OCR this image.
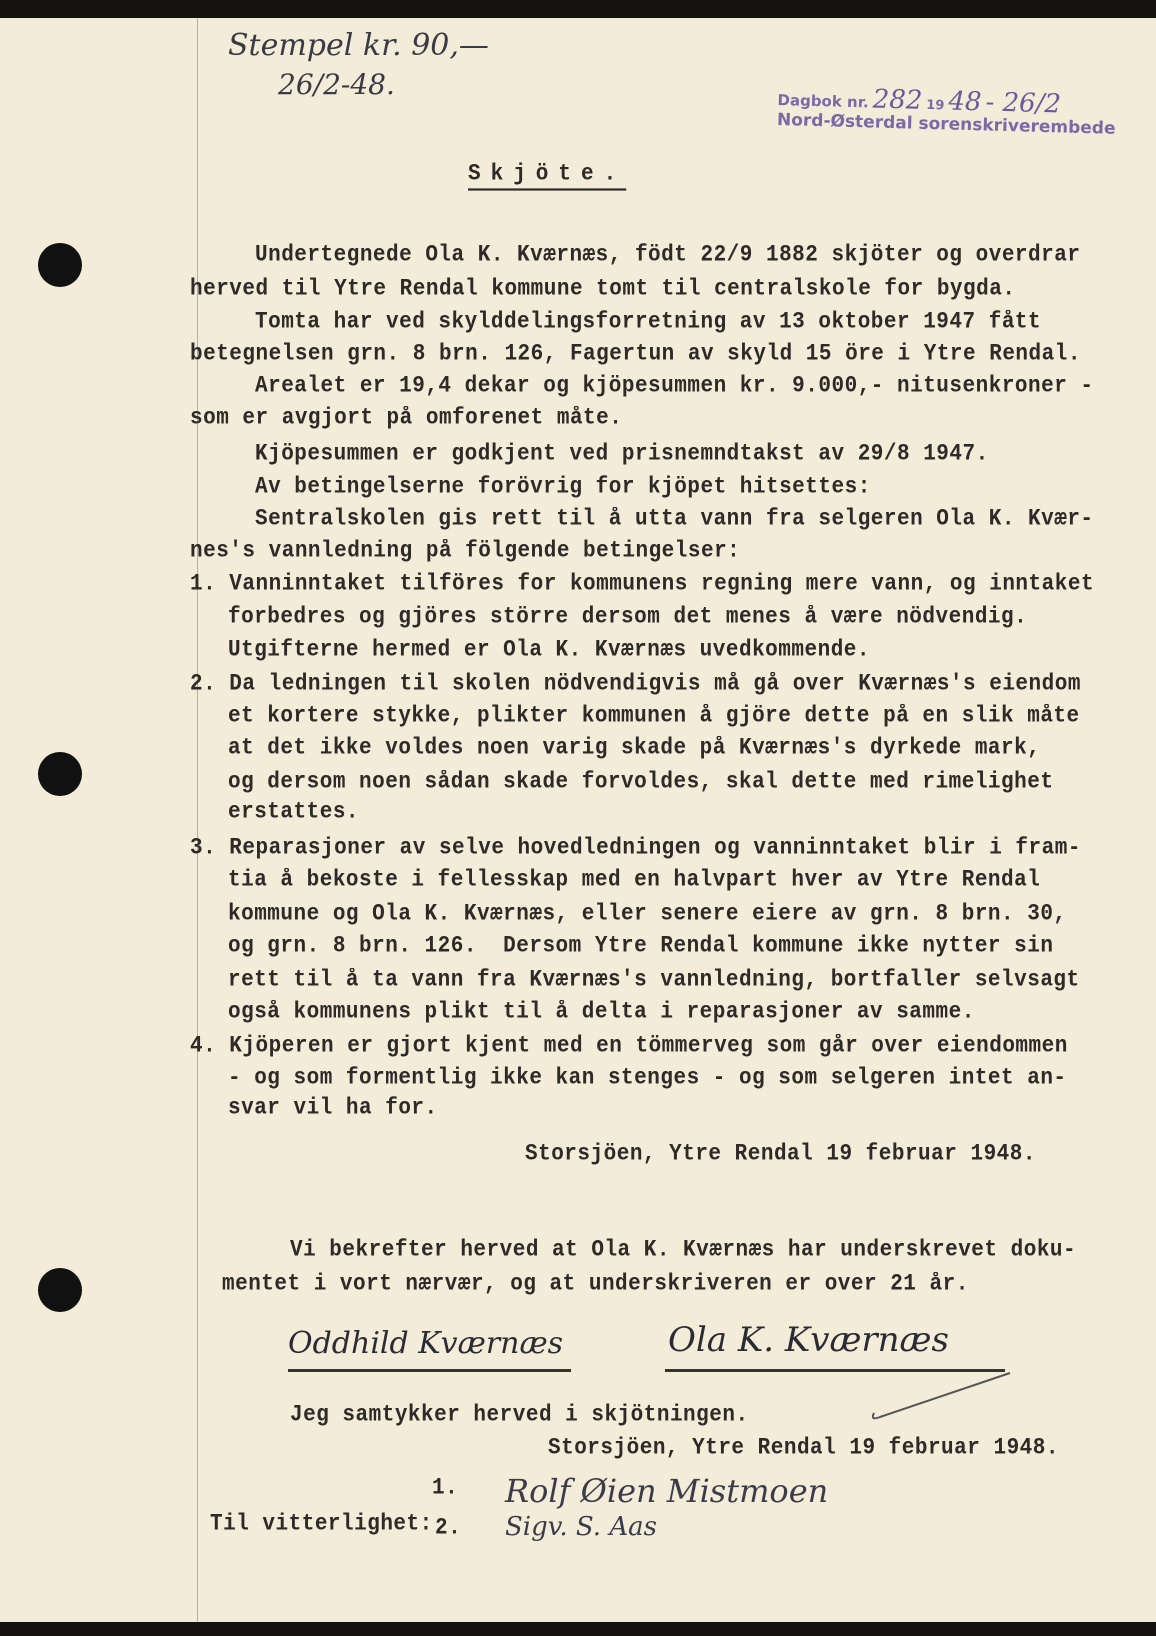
Stempel kr. 90,—
26/2-48.
Dagbok nr. 282 19 48 - 26/2
Nord-Østerdal sorenskriverembede
Skjöte.
Undertegnede Ola K. Kværnæs, födt 22/9 1882 skjöter og overdrar
herved til Ytre Rendal kommune tomt til centralskole for bygda.
Tomta har ved skylddelingsforretning av 13 oktober 1947 fått
betegnelsen grn. 8 brn. 126, Fagertun av skyld 15 öre i Ytre Rendal.
Arealet er 19,4 dekar og kjöpesummen kr. 9.000,- nitusenkroner -
som er avgjort på omforenet måte.
Kjöpesummen er godkjent ved prisnemndtakst av 29/8 1947.
Av betingelserne forövrig for kjöpet hitsettes:
Sentralskolen gis rett til å utta vann fra selgeren Ola K. Kvær-
nes's vannledning på fölgende betingelser:
1. Vanninntaket tilföres for kommunens regning mere vann, og inntaket
forbedres og gjöres större dersom det menes å være nödvendig.
Utgifterne hermed er Ola K. Kværnæs uvedkommende.
2. Da ledningen til skolen nödvendigvis må gå over Kværnæs's eiendom
et kortere stykke, plikter kommunen å gjöre dette på en slik måte
at det ikke voldes noen varig skade på Kværnæs's dyrkede mark,
og dersom noen sådan skade forvoldes, skal dette med rimelighet
erstattes.
3. Reparasjoner av selve hovedledningen og vanninntaket blir i fram-
tia å bekoste i fellesskap med en halvpart hver av Ytre Rendal
kommune og Ola K. Kværnæs, eller senere eiere av grn. 8 brn. 30,
og grn. 8 brn. 126.  Dersom Ytre Rendal kommune ikke nytter sin
rett til å ta vann fra Kværnæs's vannledning, bortfaller selvsagt
også kommunens plikt til å delta i reparasjoner av samme.
4. Kjöperen er gjort kjent med en tömmerveg som går over eiendommen
- og som formentlig ikke kan stenges - og som selgeren intet an-
svar vil ha for.
Storsjöen, Ytre Rendal 19 februar 1948.
Vi bekrefter herved at Ola K. Kværnæs har underskrevet doku-
mentet i vort nærvær, og at underskriveren er over 21 år.
Oddhild Kværnæs	Ola K. Kværnæs
Jeg samtykker herved i skjötningen.
Storsjöen, Ytre Rendal 19 februar 1948.
1.
Til vitterlighet: 2.
Rolf Øien Mistmoen
Sigv. S. Aas
